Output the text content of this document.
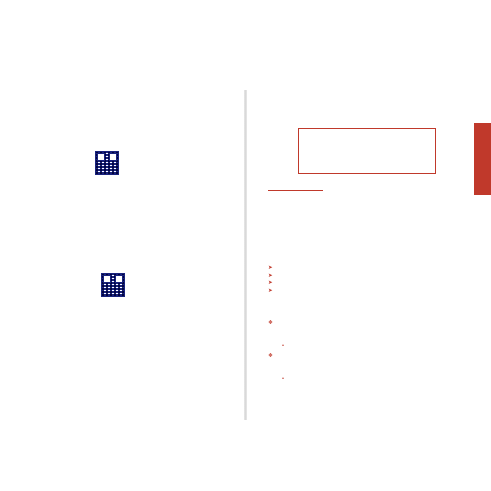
➤
➤
➤
➤
❖
•
❖
•
